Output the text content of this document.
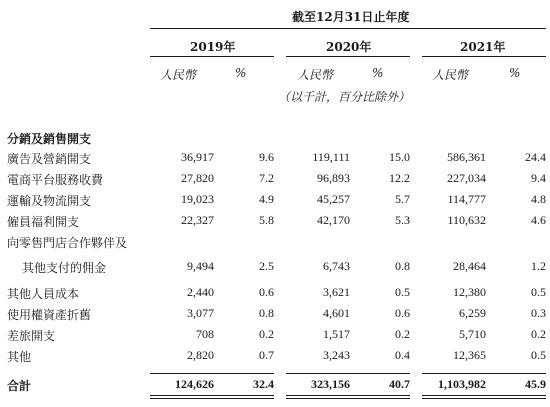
截至12月31日止年度
2019年	2020年	2021年
人民幣	%	人民幣	%	人民幣	%
（以千計，百分比除外）
分銷及銷售開支
廣告及營銷開支	36,917	9.6	119,111	15.0	586,361	24.4
電商平台服務收費	27,820	7.2	96,893	12.2	227,034	9.4
運輸及物流開支	19,023	4.9	45,257	5.7	114,777	4.8
僱員福利開支	22,327	5.8	42,170	5.3	110,632	4.6
向零售門店合作夥伴及
其他支付的佣金	9,494	2.5	6,743	0.8	28,464	1.2
其他人員成本	2,440	0.6	3,621	0.5	12,380	0.5
使用權資產折舊	3,077	0.8	4,601	0.6	6,259	0.3
差旅開支	708	0.2	1,517	0.2	5,710	0.2
其他	2,820	0.7	3,243	0.4	12,365	0.5
合計	124,626	32.4	323,156	40.7 1,103,982	45.9
